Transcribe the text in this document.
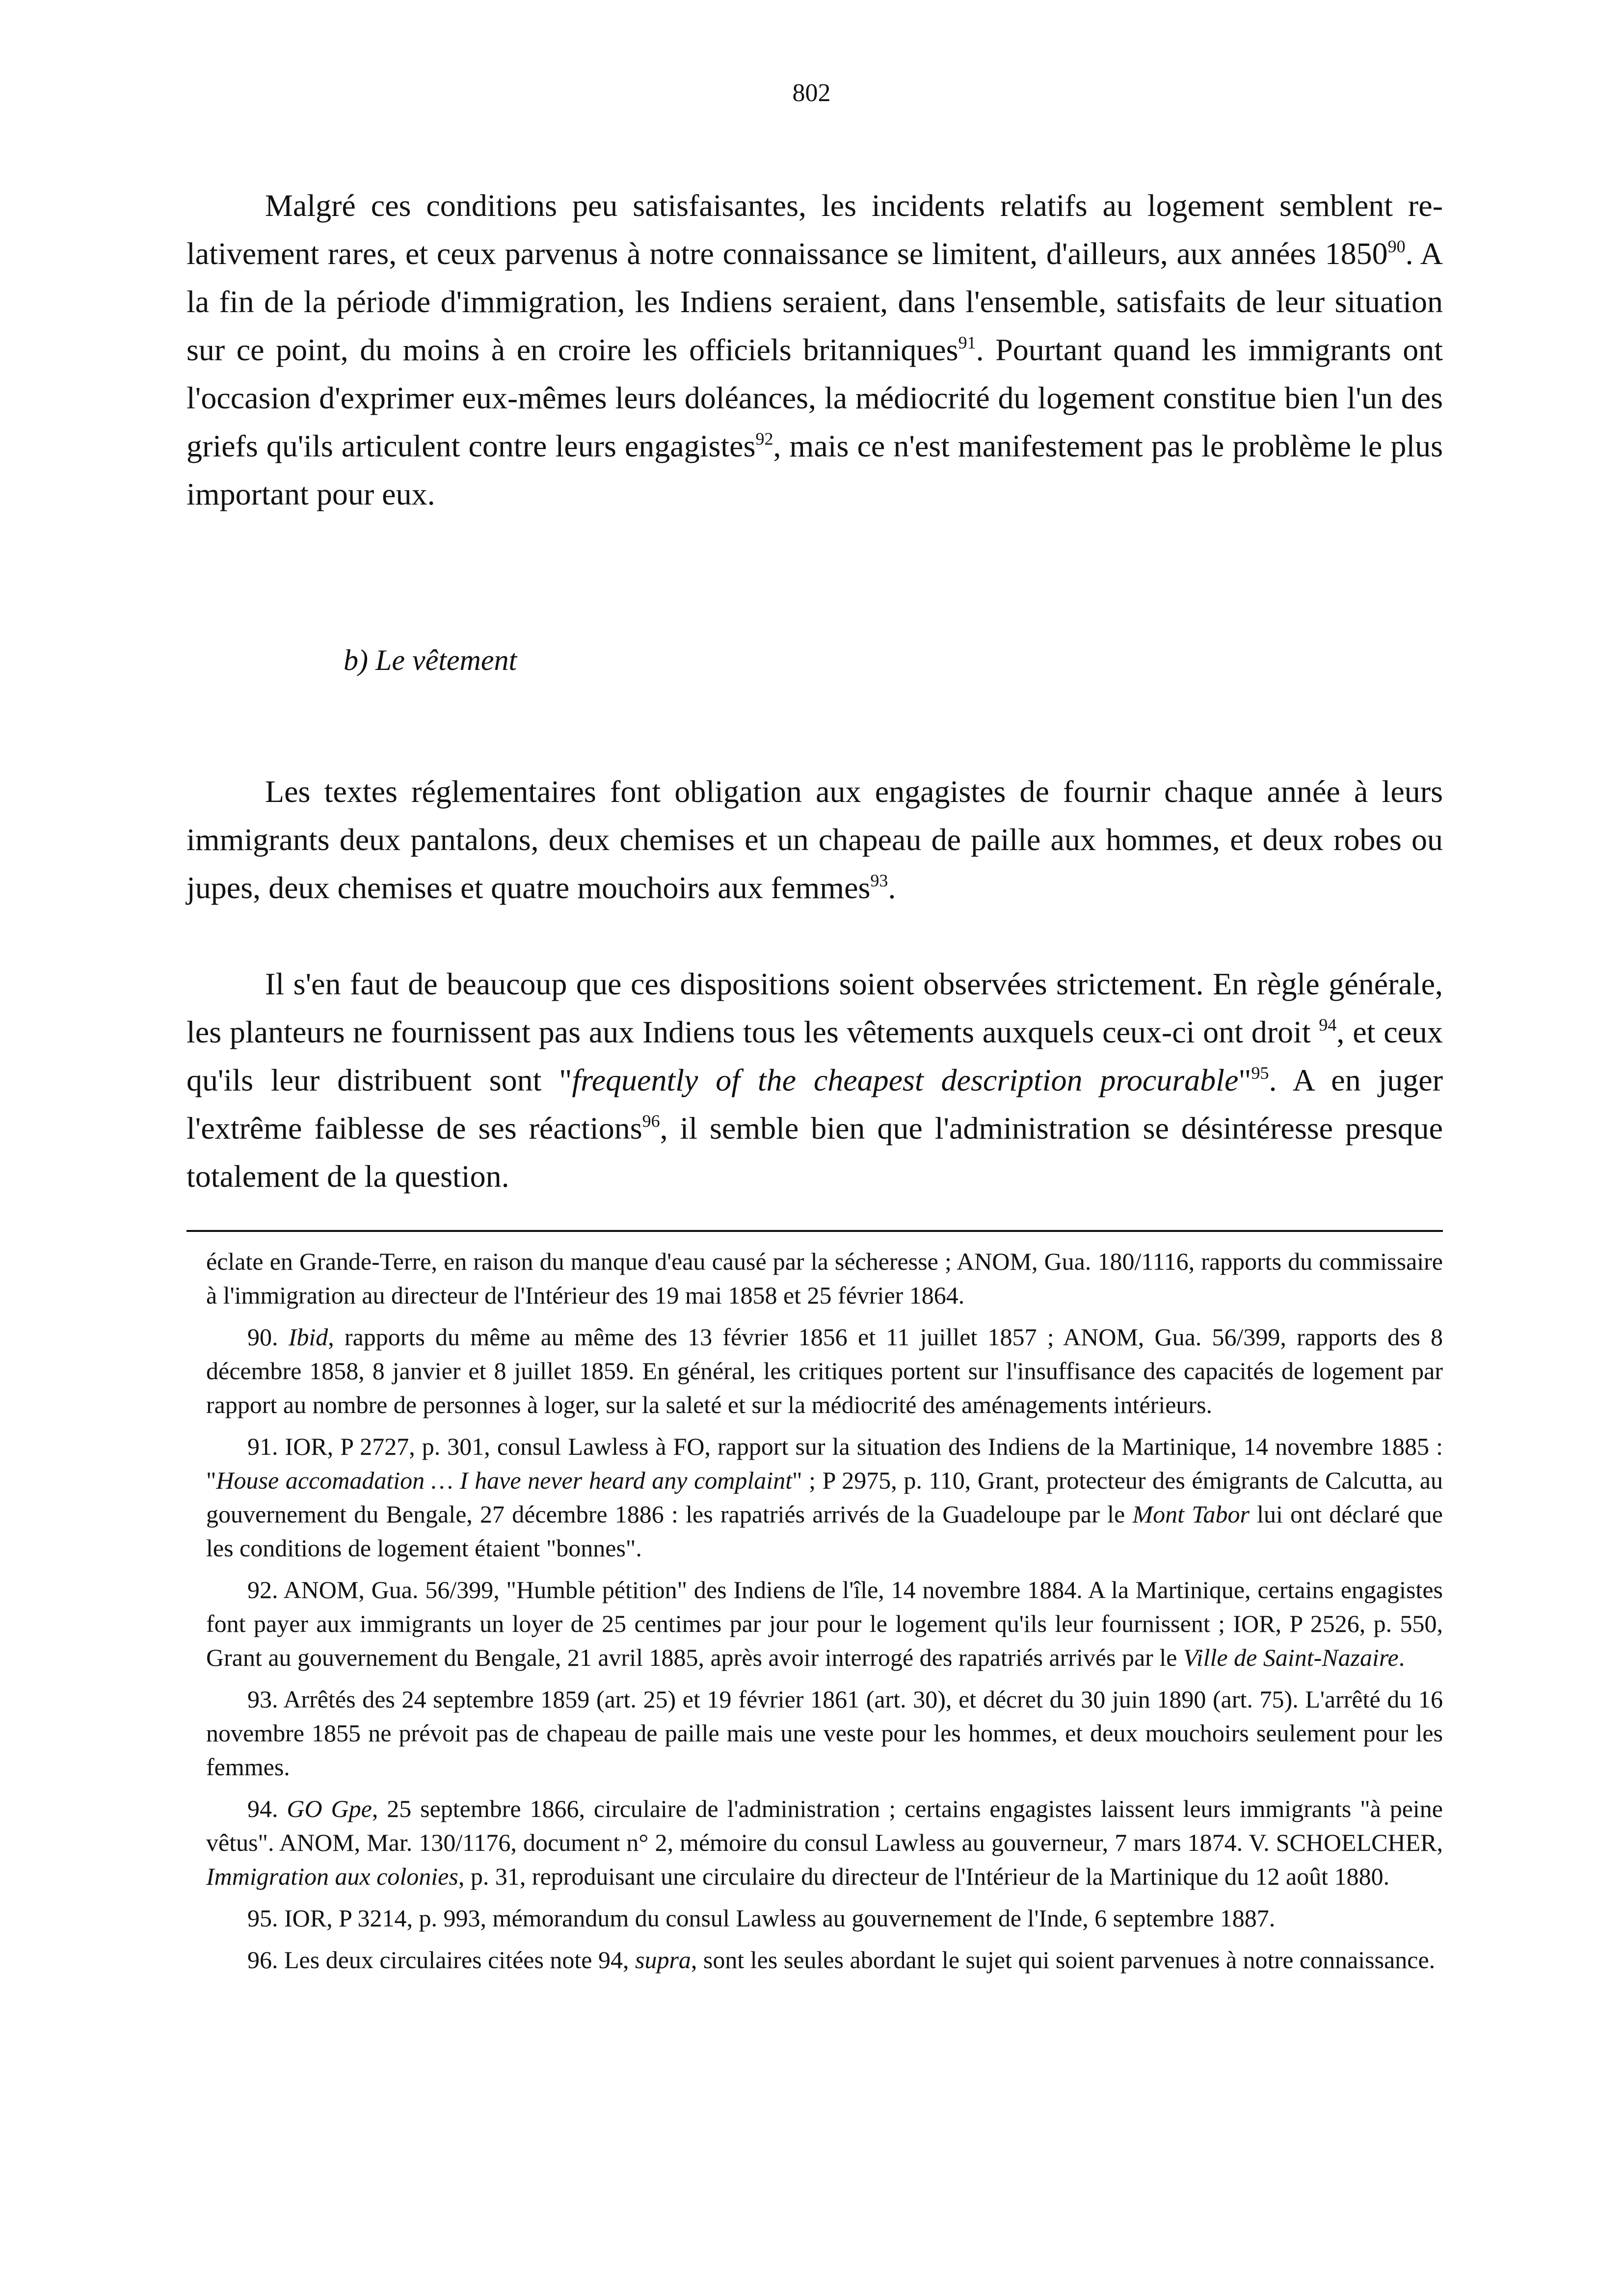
802

Malgré ces conditions peu satisfaisantes, les incidents relatifs au logement semblent relativement rares, et ceux parvenus à notre connaissance se limitent, d'ailleurs, aux années 1850$^{90}$. A la fin de la période d'immigration, les Indiens seraient, dans l'ensemble, satisfaits de leur situation sur ce point, du moins à en croire les officiels britanniques$^{91}$. Pourtant quand les immigrants ont l'occasion d'exprimer eux-mêmes leurs doléances, la médiocrité du logement constitue bien l'un des griefs qu'ils articulent contre leurs engagistes$^{92}$, mais ce n'est manifestement pas le problème le plus important pour eux.

b) Le vêtement

Les textes réglementaires font obligation aux engagistes de fournir chaque année à leurs immigrants deux pantalons, deux chemises et un chapeau de paille aux hommes, et deux robes ou jupes, deux chemises et quatre mouchoirs aux femmes$^{93}$.

Il s'en faut de beaucoup que ces dispositions soient observées strictement. En règle générale, les planteurs ne fournissent pas aux Indiens tous les vêtements auxquels ceux-ci ont droit $^{94}$, et ceux qu'ils leur distribuent sont "frequently of the cheapest description procurable"$^{95}$. A en juger l'extrême faiblesse de ses réactions$^{96}$, il semble bien que l'administration se désintéresse presque totalement de la question.

éclate en Grande-Terre, en raison du manque d'eau causé par la sécheresse ; ANOM, Gua. 180/1116, rapports du commissaire à l'immigration au directeur de l'Intérieur des 19 mai 1858 et 25 février 1864.

90. Ibid, rapports du même au même des 13 février 1856 et 11 juillet 1857 ; ANOM, Gua. 56/399, rapports des 8 décembre 1858, 8 janvier et 8 juillet 1859. En général, les critiques portent sur l'insuffisance des capacités de logement par rapport au nombre de personnes à loger, sur la saleté et sur la médiocrité des aménagements intérieurs.

91. IOR, P 2727, p. 301, consul Lawless à FO, rapport sur la situation des Indiens de la Martinique, 14 novembre 1885 : "House accomadation … I have never heard any complaint" ; P 2975, p. 110, Grant, protecteur des émigrants de Calcutta, au gouvernement du Bengale, 27 décembre 1886 : les rapatriés arrivés de la Guadeloupe par le Mont Tabor lui ont déclaré que les conditions de logement étaient "bonnes".

92. ANOM, Gua. 56/399, "Humble pétition" des Indiens de l'île, 14 novembre 1884. A la Martinique, certains engagistes font payer aux immigrants un loyer de 25 centimes par jour pour le logement qu'ils leur fournissent ; IOR, P 2526, p. 550, Grant au gouvernement du Bengale, 21 avril 1885, après avoir interrogé des rapatriés arrivés par le Ville de Saint-Nazaire.

93. Arrêtés des 24 septembre 1859 (art. 25) et 19 février 1861 (art. 30), et décret du 30 juin 1890 (art. 75). L'arrêté du 16 novembre 1855 ne prévoit pas de chapeau de paille mais une veste pour les hommes, et deux mouchoirs seulement pour les femmes.

94. GO Gpe, 25 septembre 1866, circulaire de l'administration ; certains engagistes laissent leurs immigrants "à peine vêtus". ANOM, Mar. 130/1176, document n° 2, mémoire du consul Lawless au gouverneur, 7 mars 1874. V. SCHOELCHER, Immigration aux colonies, p. 31, reproduisant une circulaire du directeur de l'Intérieur de la Martinique du 12 août 1880.

95. IOR, P 3214, p. 993, mémorandum du consul Lawless au gouvernement de l'Inde, 6 septembre 1887.

96. Les deux circulaires citées note 94, supra, sont les seules abordant le sujet qui soient parvenues à notre connaissance.
